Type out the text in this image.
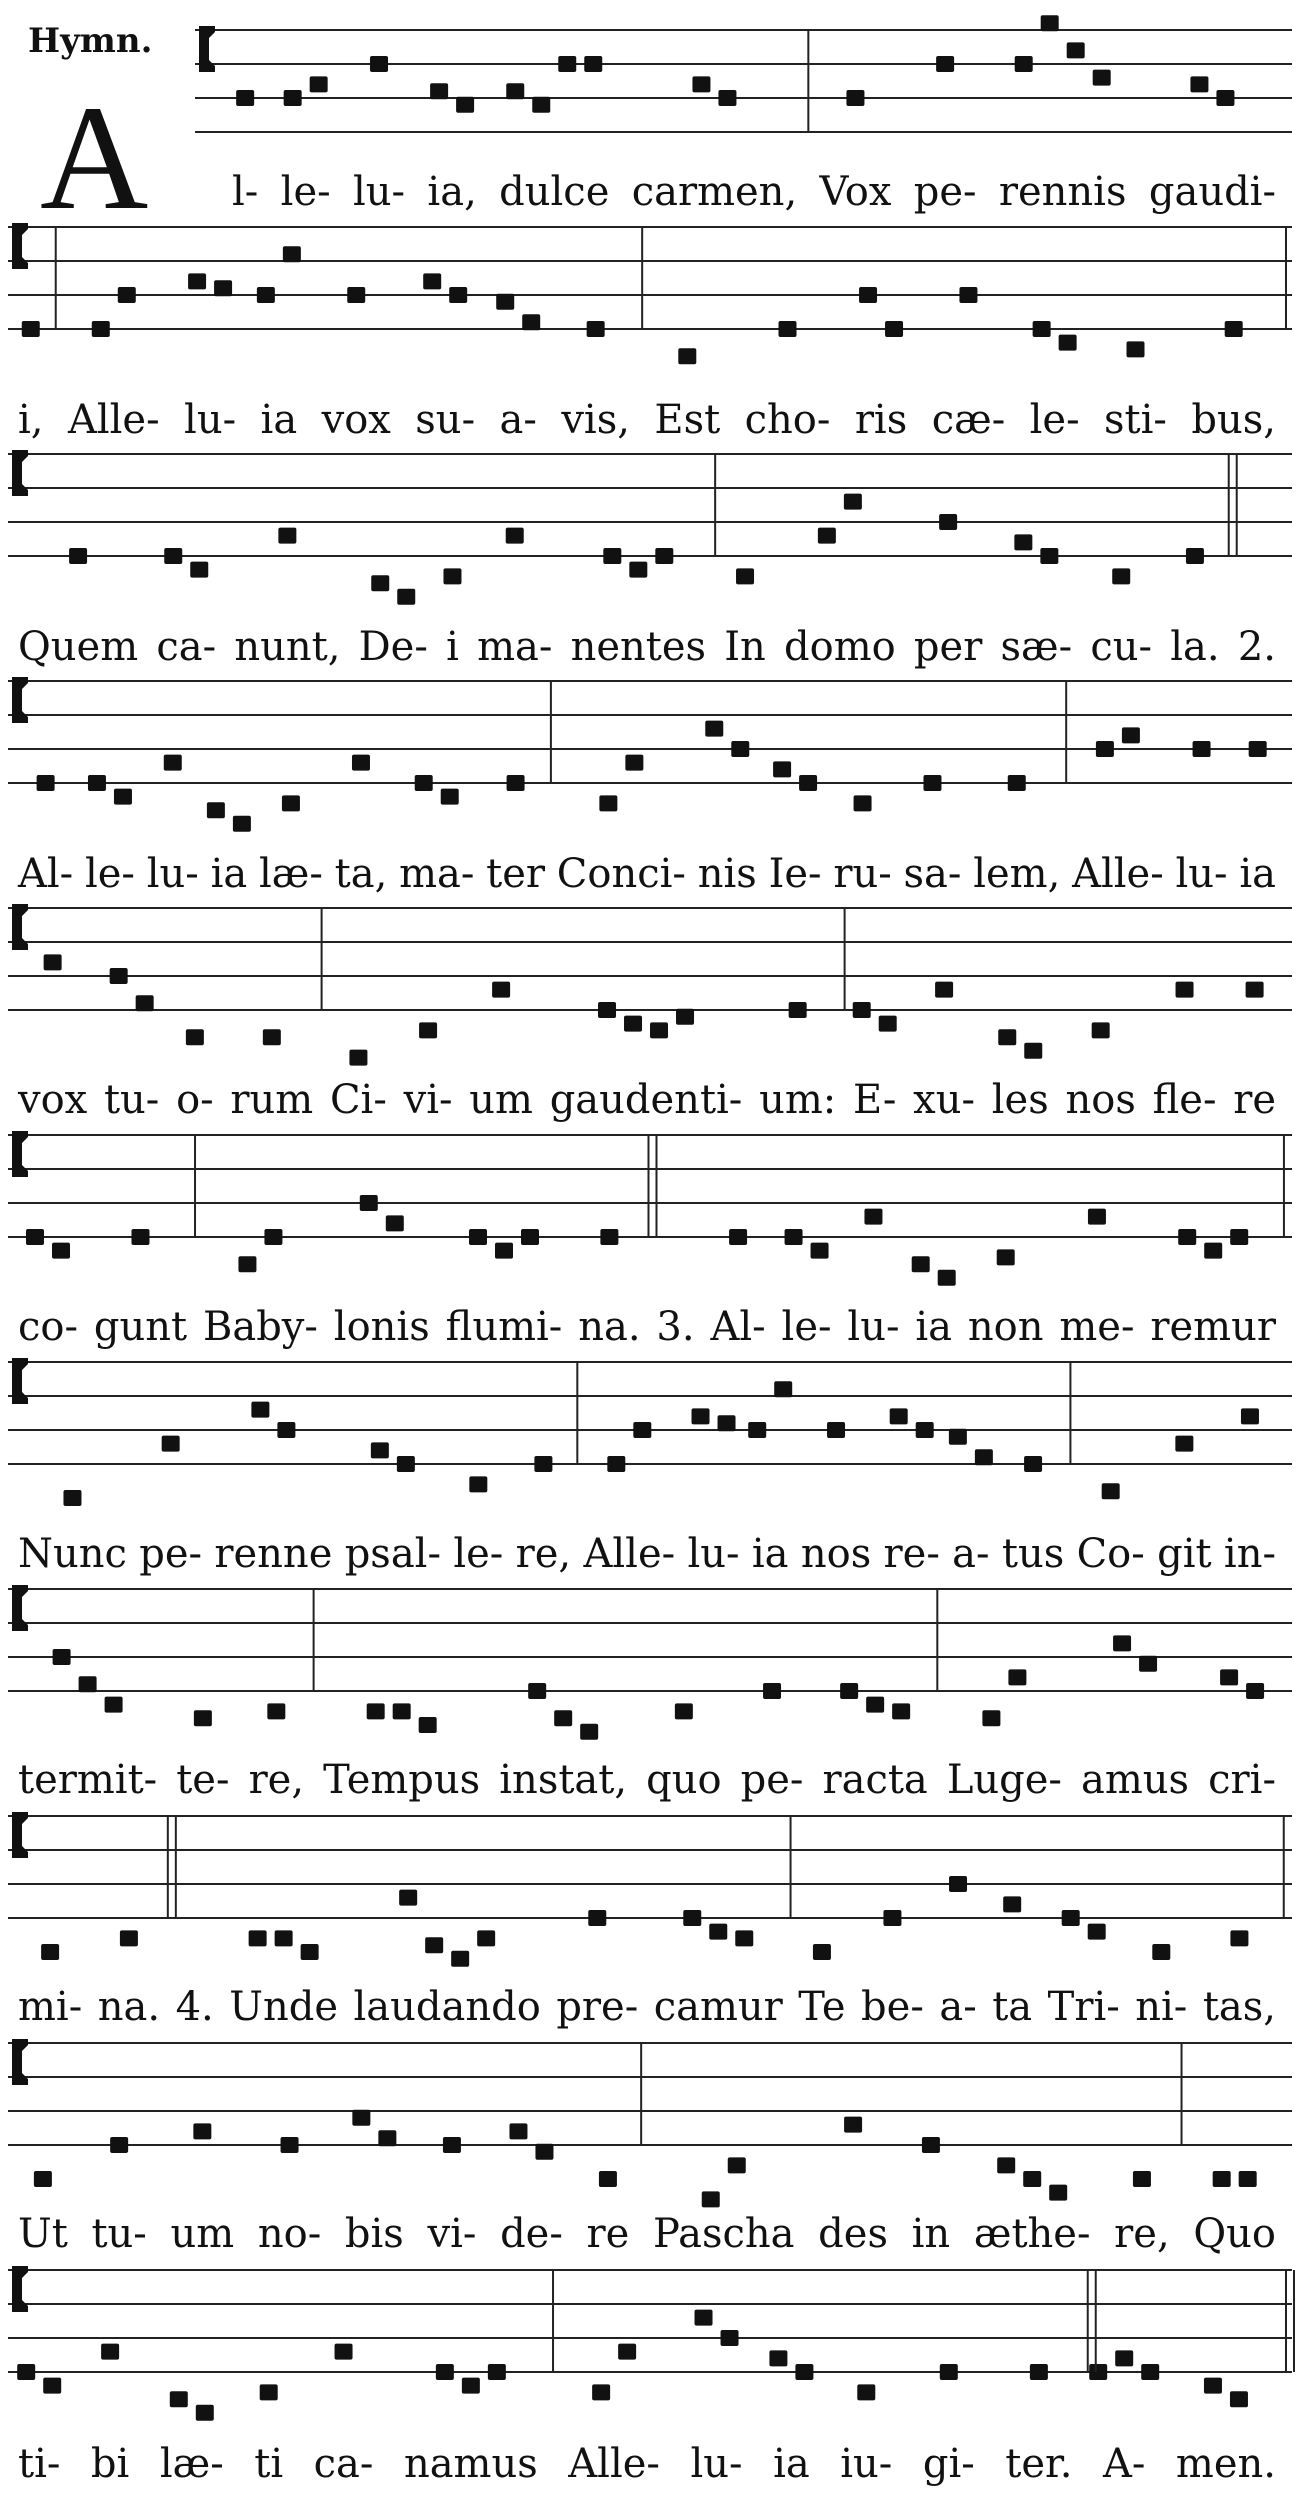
Hymn.
A l- le- lu- ia, dulce carmen, Vox pe- rennis gaudi-
i, Alle- lu- ia vox su- a- vis, Est cho- ris cæ- le- sti- bus,
Quem ca- nunt, De- i ma- nentes In domo per sæ- cu- la. 2.
Al- le- lu- ia læ- ta, ma- ter Conci- nis Ie- ru- sa- lem, Alle- lu- ia
vox tu- o- rum Ci- vi- um gaudenti- um: E- xu- les nos fle- re
co- gunt Baby- lonis flumi- na. 3. Al- le- lu- ia non me- remur
Nunc pe- renne psal- le- re, Alle- lu- ia nos re- a- tus Co- git in-
termit- te- re, Tempus instat, quo pe- racta Luge- amus cri-
mi- na. 4. Unde laudando pre- camur Te be- a- ta Tri- ni- tas,
Ut tu- um no- bis vi- de- re Pascha des in æthe- re, Quo
ti- bi læ- ti ca- namus Alle- lu- ia iu- gi- ter. A- men.
